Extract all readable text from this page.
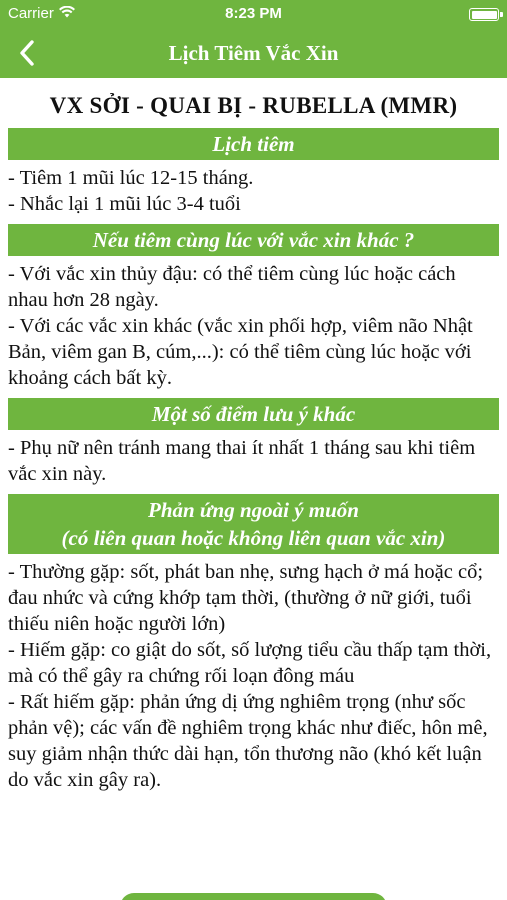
Carrier	8:23 PM
Lịch Tiêm Vắc Xin
VX SỞI - QUAI BỊ - RUBELLA (MMR)
Lịch tiêm

- Tiêm 1 mũi lúc 12-15 tháng.

- Nhắc lại 1 mũi lúc 3-4 tuổi

Nếu tiêm cùng lúc với vắc xin khác ?

- Với vắc xin thủy đậu: có thể tiêm cùng lúc hoặc cách nhau hơn 28 ngày.

- Với các vắc xin khác (vắc xin phối hợp, viêm não Nhật Bản, viêm gan B, cúm,...): có thể tiêm cùng lúc hoặc với khoảng cách bất kỳ.

Một số điểm lưu ý khác

- Phụ nữ nên tránh mang thai ít nhất 1 tháng sau khi tiêm vắc xin này.

Phản ứng ngoài ý muốn
(có liên quan hoặc không liên quan vắc xin)

- Thường gặp: sốt, phát ban nhẹ, sưng hạch ở má hoặc cổ; đau nhức và cứng khớp tạm thời, (thường ở nữ giới, tuổi thiếu niên hoặc người lớn)

- Hiếm gặp: co giật do sốt, số lượng tiểu cầu thấp tạm thời, mà có thể gây ra chứng rối loạn đông máu

- Rất hiếm gặp: phản ứng dị ứng nghiêm trọng (như sốc phản vệ); các vấn đề nghiêm trọng khác như điếc, hôn mê, suy giảm nhận thức dài hạn, tổn thương não (khó kết luận do vắc xin gây ra).
